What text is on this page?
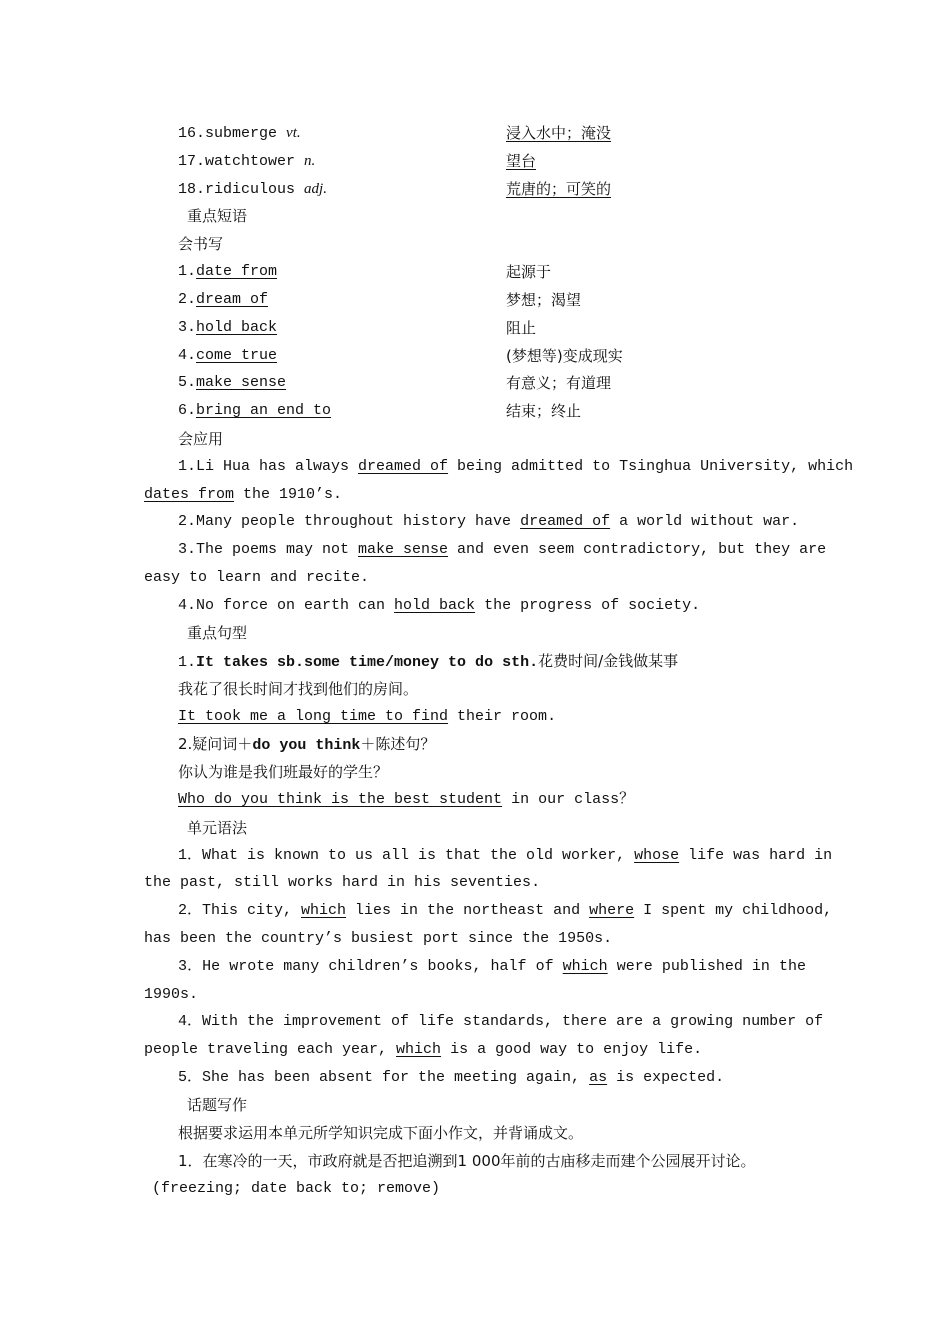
16.submerge vt.	浸入水中；淹没
17.watchtower n.	望台
18.ridiculous adj.	荒唐的；可笑的
重点短语
会书写
1.date from	起源于
2.dream of	梦想；渴望
3.hold back	阻止
4.come true	(梦想等)变成现实
5.make sense	有意义；有道理
6.bring an end to	结束；终止
会应用
1.Li Hua has always dreamed of being admitted to Tsinghua University, which
dates from the 1910’s.
2.Many people throughout history have dreamed of a world without war.
3.The poems may not make sense and even seem contradictory, but they are
easy to learn and recite.
4.No force on earth can hold back the progress of society.
重点句型
1.It takes sb.some time/money to do sth.花费时间/金钱做某事
我花了很长时间才找到他们的房间。
It took me a long time to find their room.
2.疑问词＋do you think＋陈述句？
你认为谁是我们班最好的学生？
Who do you think is the best student in our class？
单元语法
1．What is known to us all is that the old worker, whose life was hard in
the past, still works hard in his seventies.
2．This city, which lies in the northeast and where I spent my childhood,
has been the country’s busiest port since the 1950s.
3．He wrote many children’s books, half of which were published in the
1990s.
4．With the improvement of life standards, there are a growing number of
people traveling each year, which is a good way to enjoy life.
5．She has been absent for the meeting again, as is expected.
话题写作
根据要求运用本单元所学知识完成下面小作文，并背诵成文。
1．在寒冷的一天，市政府就是否把追溯到1 000年前的古庙移走而建个公园展开讨论。
(freezing; date back to; remove)
